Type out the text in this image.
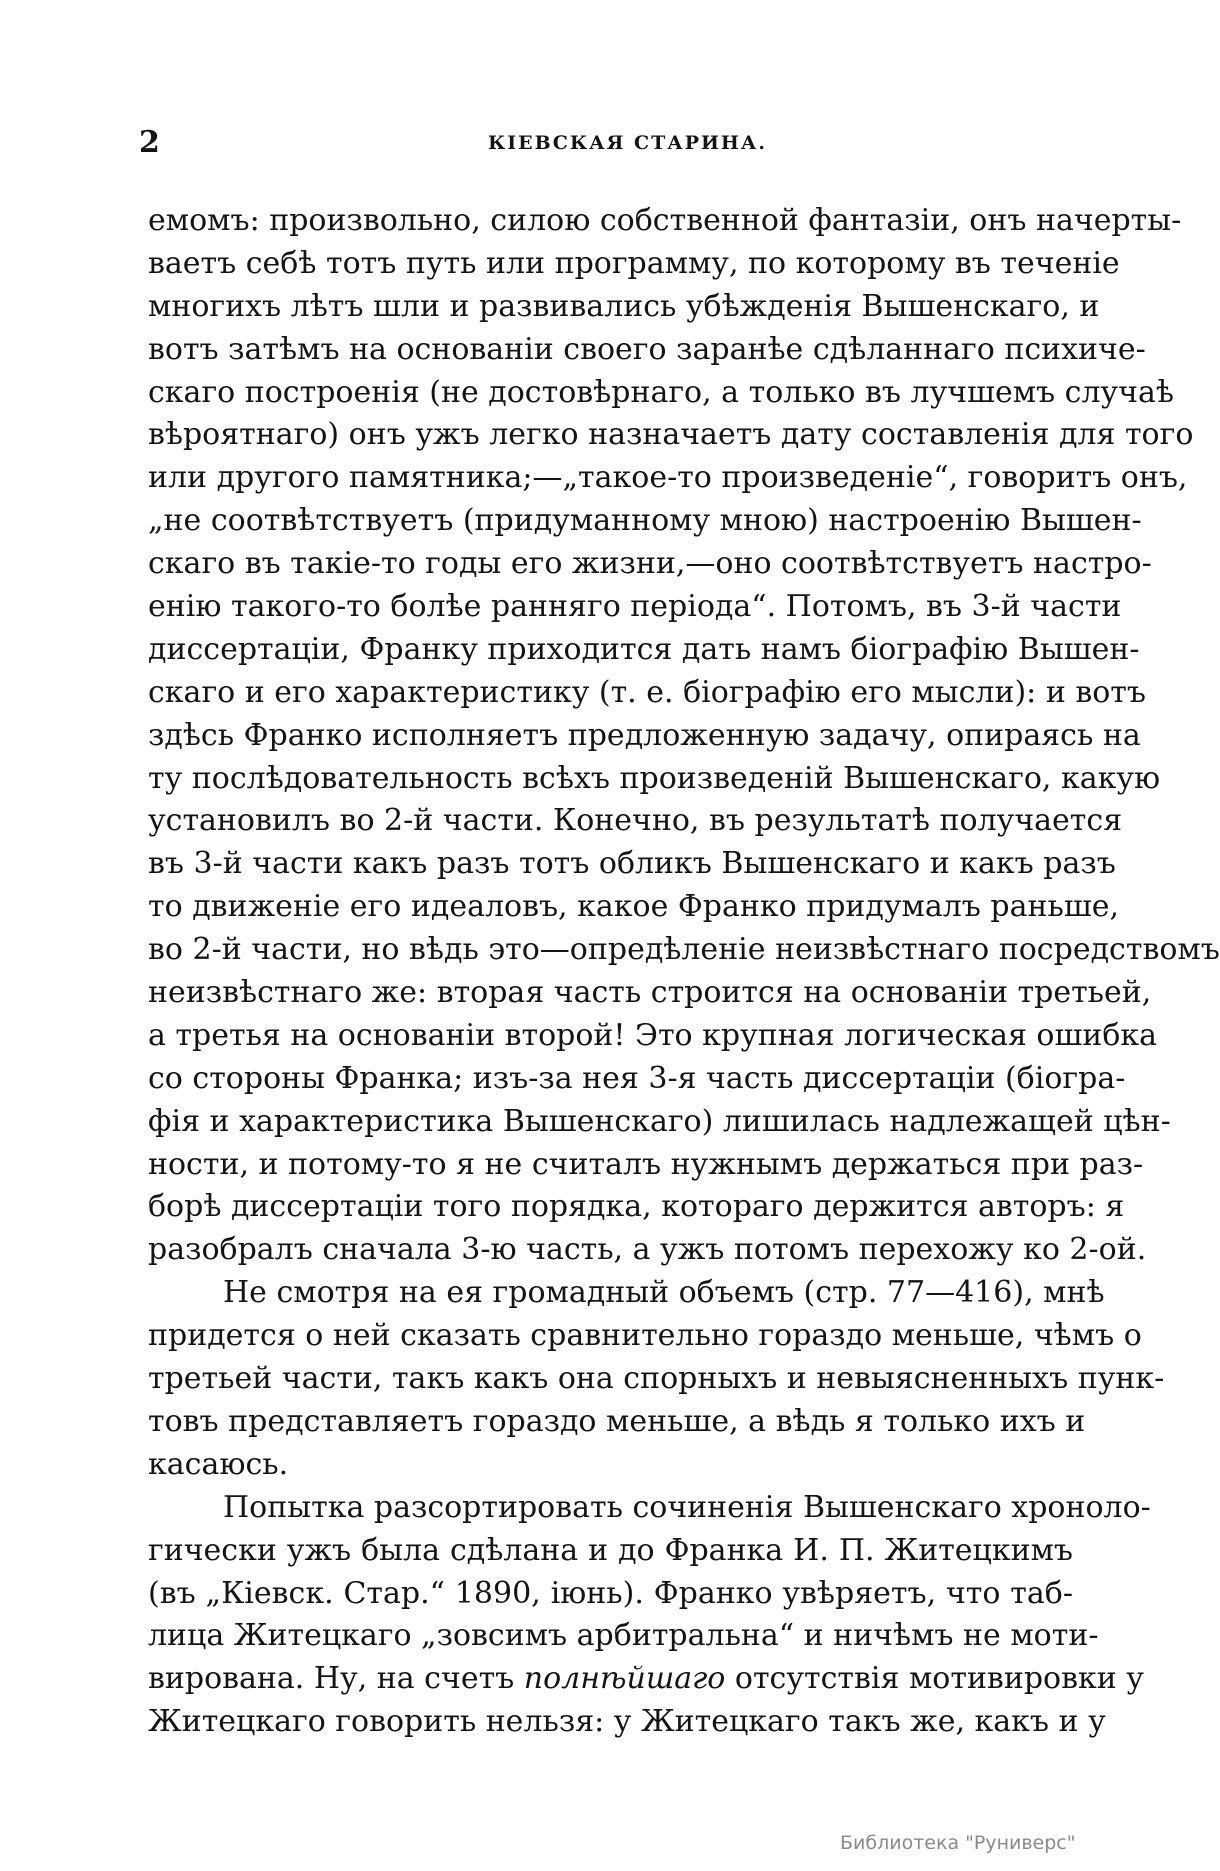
2	КІЕВСКАЯ СТАРИНА.
емомъ: произвольно, силою собственной фантазіи, онъ начерты-
ваетъ себѣ тотъ путь или программу, по которому въ теченіе
многихъ лѣтъ шли и развивались убѣжденія Вышенскаго, и
вотъ затѣмъ на основаніи своего заранѣе сдѣланнаго психиче-
скаго построенія (не достовѣрнаго, а только въ лучшемъ случаѣ
вѣроятнаго) онъ ужъ легко назначаетъ дату составленія для того
или другого памятника;—„такое-то произведеніе“, говоритъ онъ,
„не соотвѣтствуетъ (придуманному мною) настроенію Вышен-
скаго въ такіе-то годы его жизни,—оно соотвѣтствуетъ настро-
енію такого-то болѣе ранняго періода“. Потомъ, въ 3-й части
диссертаціи, Франку приходится дать намъ біографію Вышен-
скаго и его характеристику (т. е. біографію его мысли): и вотъ
здѣсь Франко исполняетъ предложенную задачу, опираясь на
ту послѣдовательность всѣхъ произведеній Вышенскаго, какую
установилъ во 2-й части. Конечно, въ результатѣ получается
въ 3-й части какъ разъ тотъ обликъ Вышенскаго и какъ разъ
то движеніе его идеаловъ, какое Франко придумалъ раньше,
во 2-й части, но вѣдь это—опредѣленіе неизвѣстнаго посредствомъ
неизвѣстнаго же: вторая часть строится на основаніи третьей,
а третья на основаніи второй! Это крупная логическая ошибка
со стороны Франка; изъ-за нея 3-я часть диссертаціи (біогра-
фія и характеристика Вышенскаго) лишилась надлежащей цѣн-
ности, и потому-то я не считалъ нужнымъ держаться при раз-
борѣ диссертаціи того порядка, котораго держится авторъ: я
разобралъ сначала 3-ю часть, а ужъ потомъ перехожу ко 2-ой.
Не смотря на ея громадный объемъ (стр. 77—416), мнѣ
придется о ней сказать сравнительно гораздо меньше, чѣмъ о
третьей части, такъ какъ она спорныхъ и невыясненныхъ пунк-
товъ представляетъ гораздо меньше, а вѣдь я только ихъ и
касаюсь.
Попытка разсортировать сочиненія Вышенскаго хроноло-
гически ужъ была сдѣлана и до Франка И. П. Житецкимъ
(въ „Кіевск. Стар.“ 1890, іюнь). Франко увѣряетъ, что таб-
лица Житецкаго „зовсимъ арбитральна“ и ничѣмъ не моти-
вирована. Ну, на счетъ полнѣйшаго отсутствія мотивировки у
Житецкаго говорить нельзя: у Житецкаго такъ же, какъ и у
Библиотека "Руниверс"
